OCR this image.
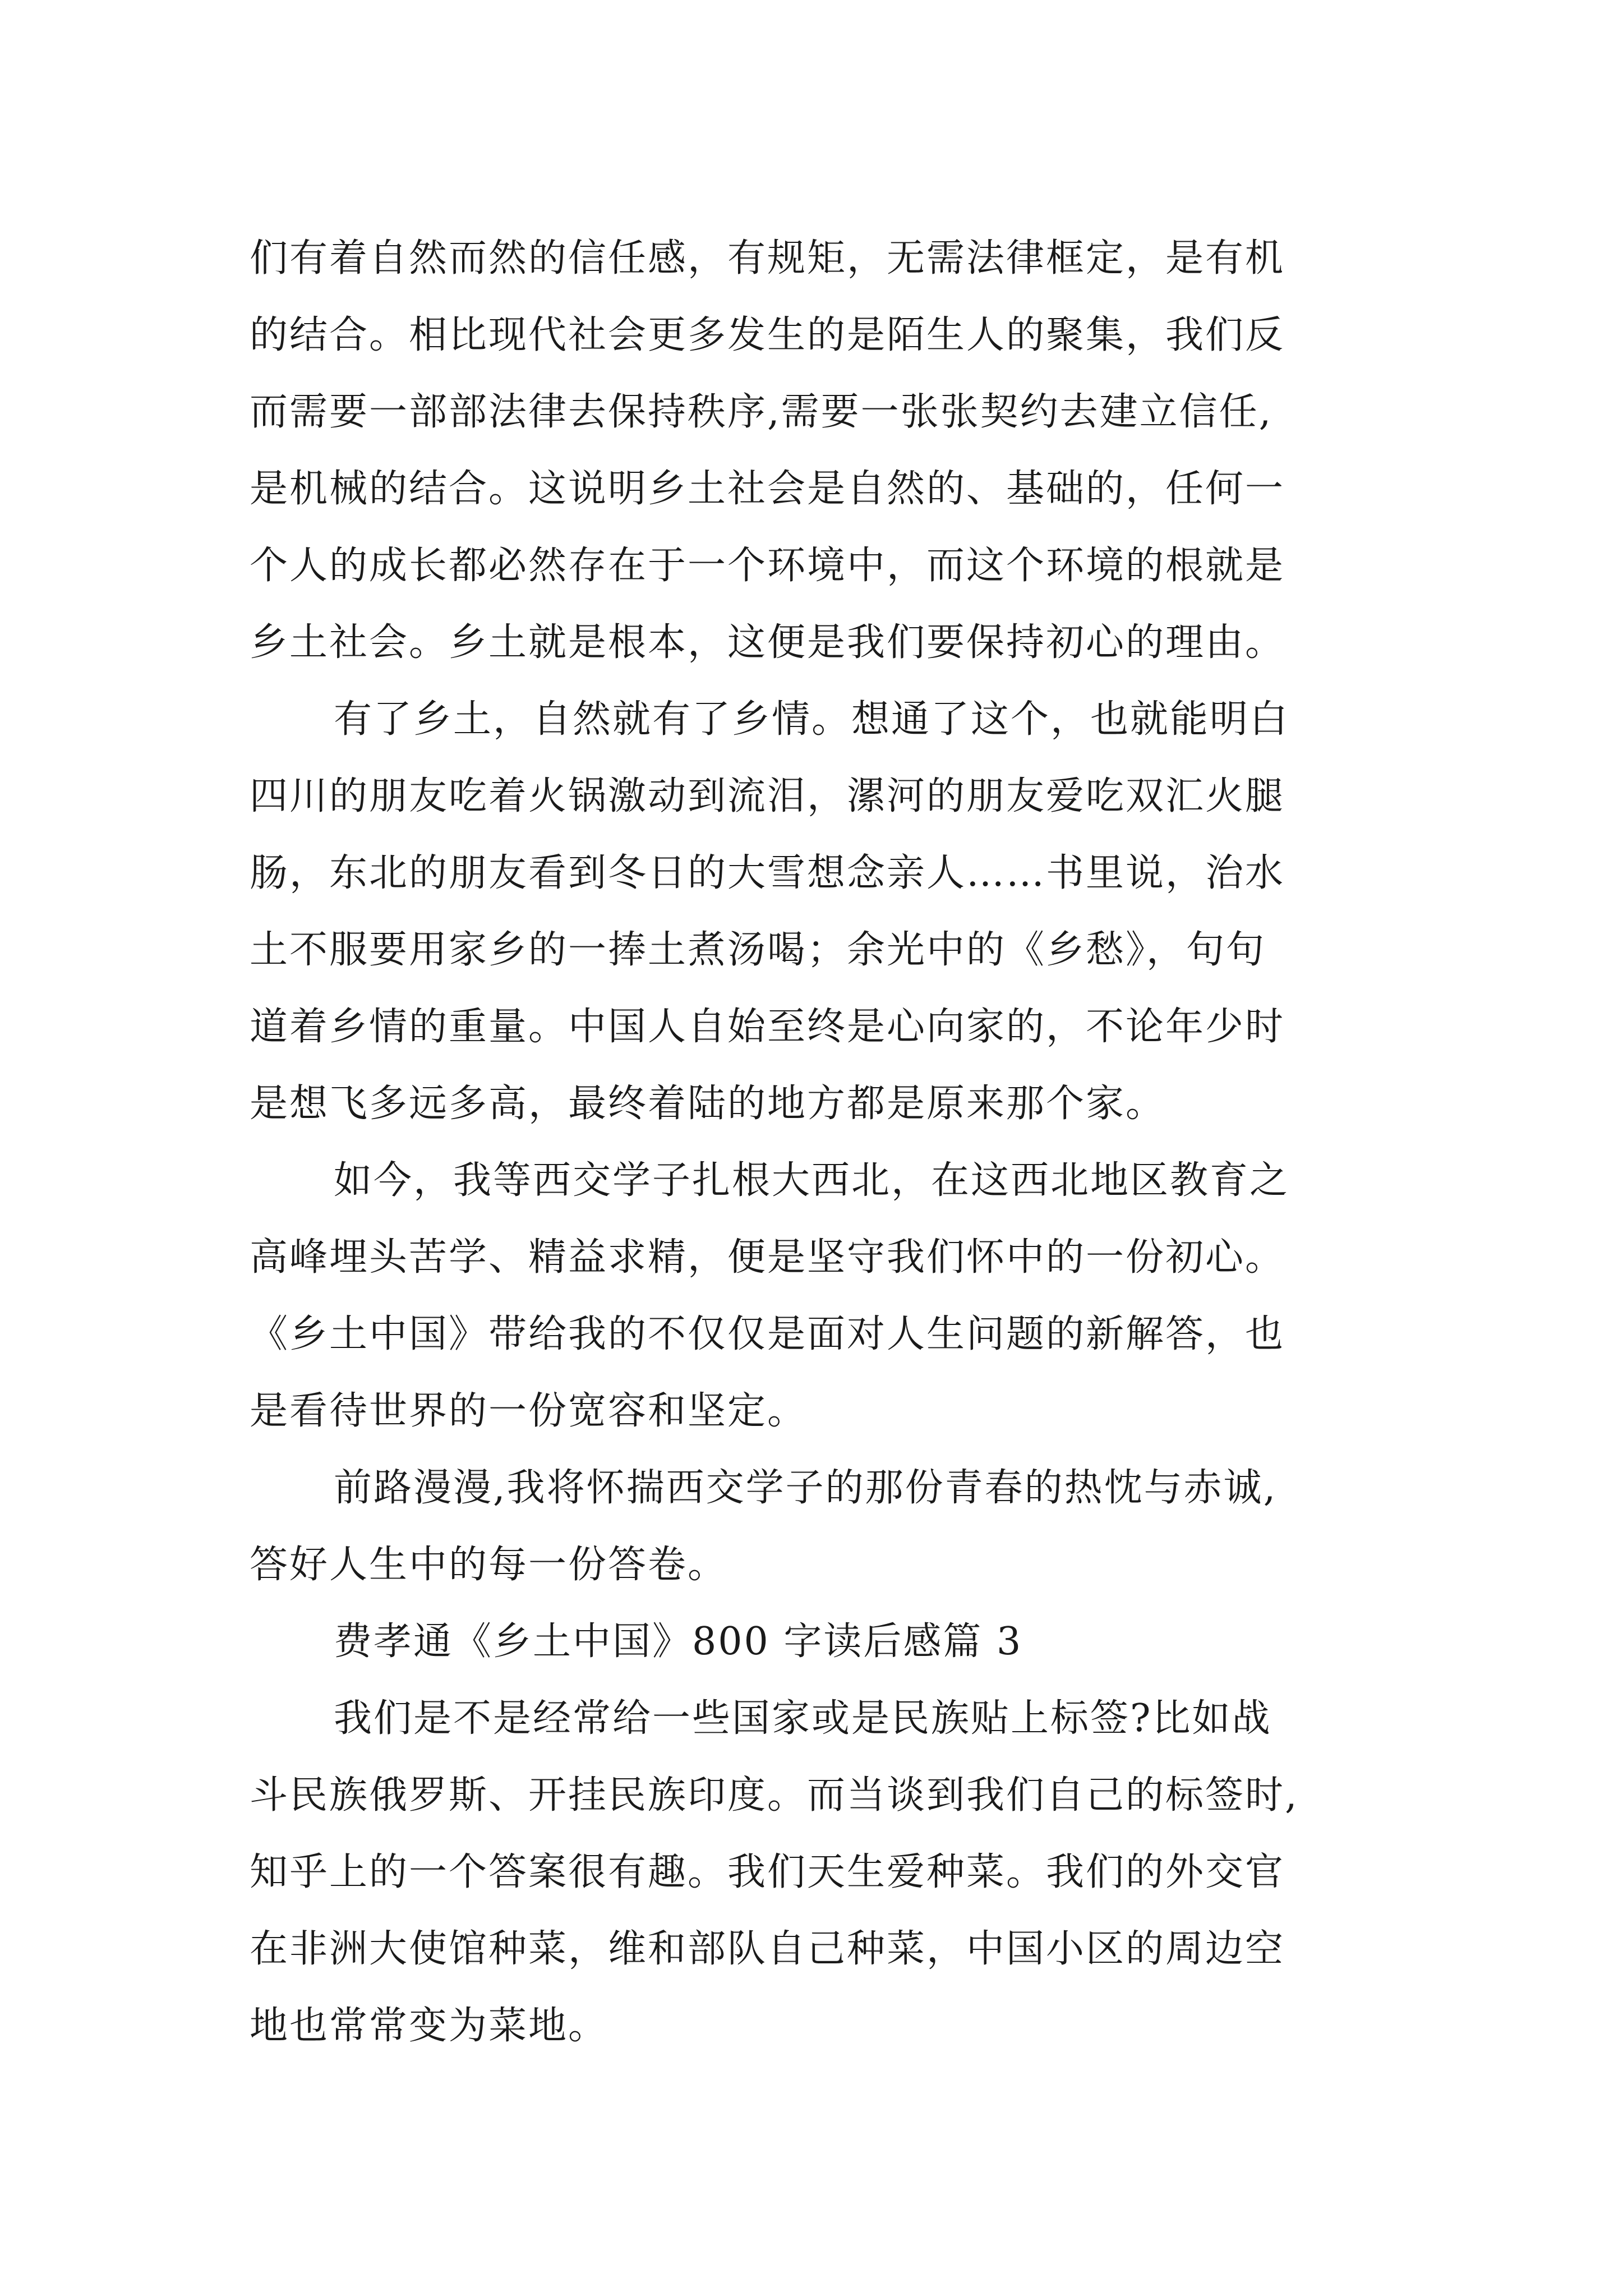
们有着自然而然的信任感，有规矩，无需法律框定，是有机
的结合。相比现代社会更多发生的是陌生人的聚集，我们反
而需要一部部法律去保持秩序,需要一张张契约去建立信任,
是机械的结合。这说明乡土社会是自然的、基础的，任何一
个人的成长都必然存在于一个环境中，而这个环境的根就是
乡土社会。乡土就是根本，这便是我们要保持初心的理由。

有了乡土，自然就有了乡情。想通了这个，也就能明白
四川的朋友吃着火锅激动到流泪，漯河的朋友爱吃双汇火腿
肠，东北的朋友看到冬日的大雪想念亲人……书里说，治水
土不服要用家乡的一捧土煮汤喝；余光中的《乡愁》，句句
道着乡情的重量。中国人自始至终是心向家的，不论年少时
是想飞多远多高，最终着陆的地方都是原来那个家。

如今，我等西交学子扎根大西北，在这西北地区教育之
高峰埋头苦学、精益求精，便是坚守我们怀中的一份初心。
《乡土中国》带给我的不仅仅是面对人生问题的新解答，也
是看待世界的一份宽容和坚定。

前路漫漫,我将怀揣西交学子的那份青春的热忱与赤诚,
答好人生中的每一份答卷。

费孝通《乡土中国》800 字读后感篇 3

我们是不是经常给一些国家或是民族贴上标签?比如战
斗民族俄罗斯、开挂民族印度。而当谈到我们自己的标签时,
知乎上的一个答案很有趣。我们天生爱种菜。我们的外交官
在非洲大使馆种菜，维和部队自己种菜，中国小区的周边空
地也常常变为菜地。
